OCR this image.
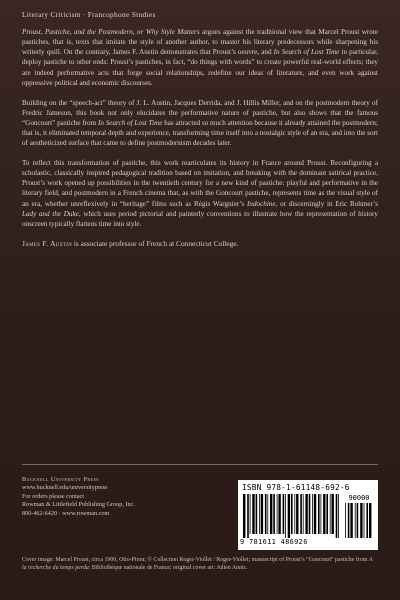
Literary Criticism · Francophone Studies

Proust, Pastiche, and the Postmodern, or Why Style Matters argues against the traditional view that Marcel Proust wrote pastiches, that is, texts that imitate the style of another author, to master his literary predecessors while sharpening his writerly quill. On the contrary, James F. Austin demonstrates that Proust’s oeuvre, and In Search of Lost Time in particular, deploy pastiche to other ends: Proust’s pastiches, in fact, “do things with words” to create powerful real-world effects; they are indeed performative acts that forge social relationships, redefine our ideas of literature, and even work against oppressive political and economic discourses.

Building on the “speech-act” theory of J. L. Austin, Jacques Derrida, and J. Hillis Miller, and on the postmodern theory of Fredric Jameson, this book not only elucidates the performative nature of pastiche, but also shows that the famous “Goncourt” pastiche from In Search of Lost Time has attracted so much attention because it already attained the postmodern; that is, it eliminated temporal depth and experience, transforming time itself into a nostalgic style of an era, and into the sort of aestheticized surface that came to define postmodernism decades later.

To reflect this transformation of pastiche, this work rearticulates its history in France around Proust. Reconfiguring a scholastic, classically inspired pedagogical tradition based on imitation, and breaking with the dominant satirical practice, Proust’s work opened up possibilities in the twentieth century for a new kind of pastiche: playful and performative in the literary field, and postmodern in a French cinema that, as with the Goncourt pastiche, represents time as the visual style of an era, whether unreflexively in “heritage” films such as Régis Wargnier’s Indochine, or discerningly in Eric Rohmer’s Lady and the Duke, which uses period pictorial and painterly conventions to illustrate how the representation of history onscreen typically flattens time into style.

James F. Austin is associate professor of French at Connecticut College.

Bucknell University Press
www.bucknell.edu/universitypress
For orders please contact
Rowman & Littlefield Publishing Group, Inc.
800-462-6420 · www.rowman.com
ISBN 978-1-61148-692-6
90000
9 781611 486926
Cover image: Marcel Proust, circa 1900, Otto-Pirou; © Collection Roger-Viollet / Roger-Viollet; manuscript of Proust’s “Goncourt” pastiche from A la recherche du temps perdu: Bibliothèque nationale de France; original cover art: Julien Annic.
